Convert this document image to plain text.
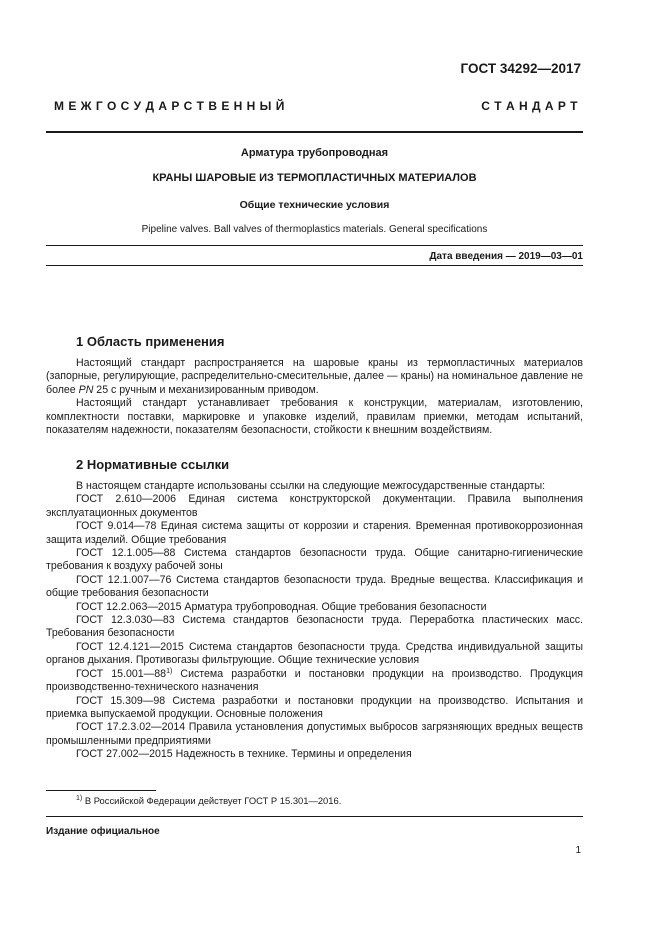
ГОСТ 34292—2017
М Е Ж Г О С У Д А Р С Т В Е Н Н Ы Й	С Т А Н Д А Р Т
Арматура трубопроводная
КРАНЫ ШАРОВЫЕ ИЗ ТЕРМОПЛАСТИЧНЫХ МАТЕРИАЛОВ
Общие технические условия
Pipeline valves. Ball valves of thermoplastics materials. General specifications
Дата введения — 2019—03—01
1 Область применения

Настоящий стандарт распространяется на шаровые краны из термопластичных материалов (запорные, регулирующие, распределительно-смесительные, далее — краны) на номинальное давление не более PN 25 с ручным и механизированным приводом.

Настоящий стандарт устанавливает требования к конструкции, материалам, изготовлению, комплектности поставки, маркировке и упаковке изделий, правилам приемки, методам испытаний, показателям надежности, показателям безопасности, стойкости к внешним воздействиям.

2 Нормативные ссылки

В настоящем стандарте использованы ссылки на следующие межгосударственные стандарты:

ГОСТ 2.610—2006 Единая система конструкторской документации. Правила выполнения эксплуатационных документов

ГОСТ 9.014—78 Единая система защиты от коррозии и старения. Временная противокоррозионная защита изделий. Общие требования

ГОСТ 12.1.005—88 Система стандартов безопасности труда. Общие санитарно-гигиенические требования к воздуху рабочей зоны

ГОСТ 12.1.007—76 Система стандартов безопасности труда. Вредные вещества. Классификация и общие требования безопасности

ГОСТ 12.2.063—2015 Арматура трубопроводная. Общие требования безопасности

ГОСТ 12.3.030—83 Система стандартов безопасности труда. Переработка пластических масс. Требования безопасности

ГОСТ 12.4.121—2015 Система стандартов безопасности труда. Средства индивидуальной защиты органов дыхания. Противогазы фильтрующие. Общие технические условия

ГОСТ 15.001—88$^{1)}$ Система разработки и постановки продукции на производство. Продукция производственно-технического назначения

ГОСТ 15.309—98 Система разработки и постановки продукции на производство. Испытания и приемка выпускаемой продукции. Основные положения

ГОСТ 17.2.3.02—2014 Правила установления допустимых выбросов загрязняющих вредных веществ промышленными предприятиями

ГОСТ 27.002—2015 Надежность в технике. Термины и определения

$^{1)}$ В Российской Федерации действует ГОСТ Р 15.301—2016.
Издание официальное
1
